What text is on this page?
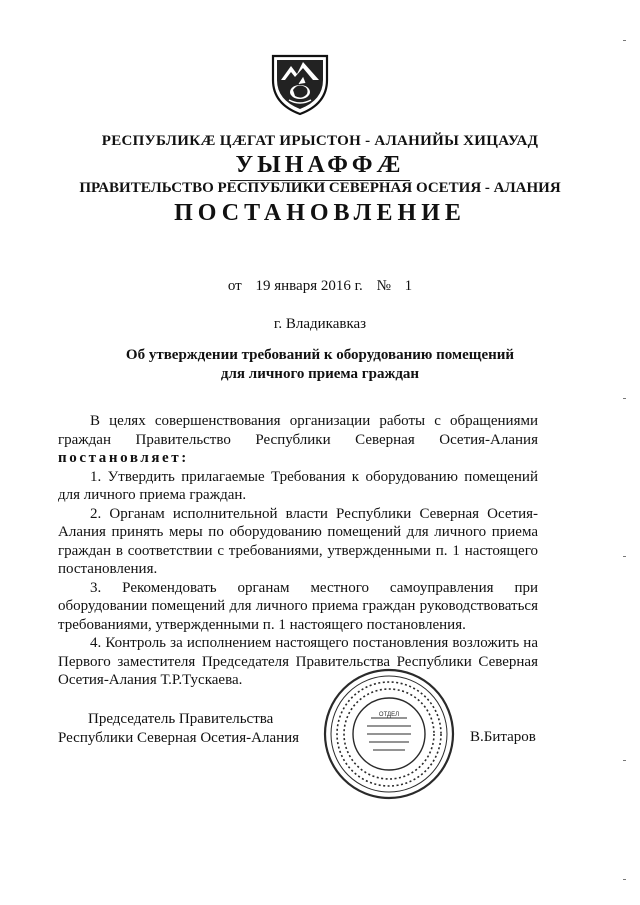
РЕСПУБЛИКÆ ЦÆГАТ ИРЫСТОН - АЛАНИЙЫ ХИЦАУАД
УЫНАФФÆ
ПРАВИТЕЛЬСТВО РЕСПУБЛИКИ СЕВЕРНАЯ ОСЕТИЯ - АЛАНИЯ
ПОСТАНОВЛЕНИЕ
от 19 января 2016 г. № 1
г. Владикавказ
Об утверждении требований к оборудованию помещений
для личного приема граждан
В целях совершенствования организации работы с обращениями
граждан Правительство Республики Северная Осетия-Алания
постановляет:
1. Утвердить прилагаемые Требования к оборудованию помещений
для личного приема граждан.
2. Органам исполнительной власти Республики Северная Осетия-
Алания принять меры по оборудованию помещений для личного приема
граждан в соответствии с требованиями, утвержденными п. 1 настоящего
постановления.
3. Рекомендовать органам местного самоуправления при
оборудовании помещений для личного приема граждан руководствоваться
требованиями, утвержденными п. 1 настоящего постановления.
4. Контроль за исполнением настоящего постановления возложить на
Первого заместителя Председателя Правительства Республики Северная
Осетия-Алания Т.Р.Тускаева.
Председатель Правительства
Республики Северная Осетия-Алания
ОТДЕЛ
В.Битаров
